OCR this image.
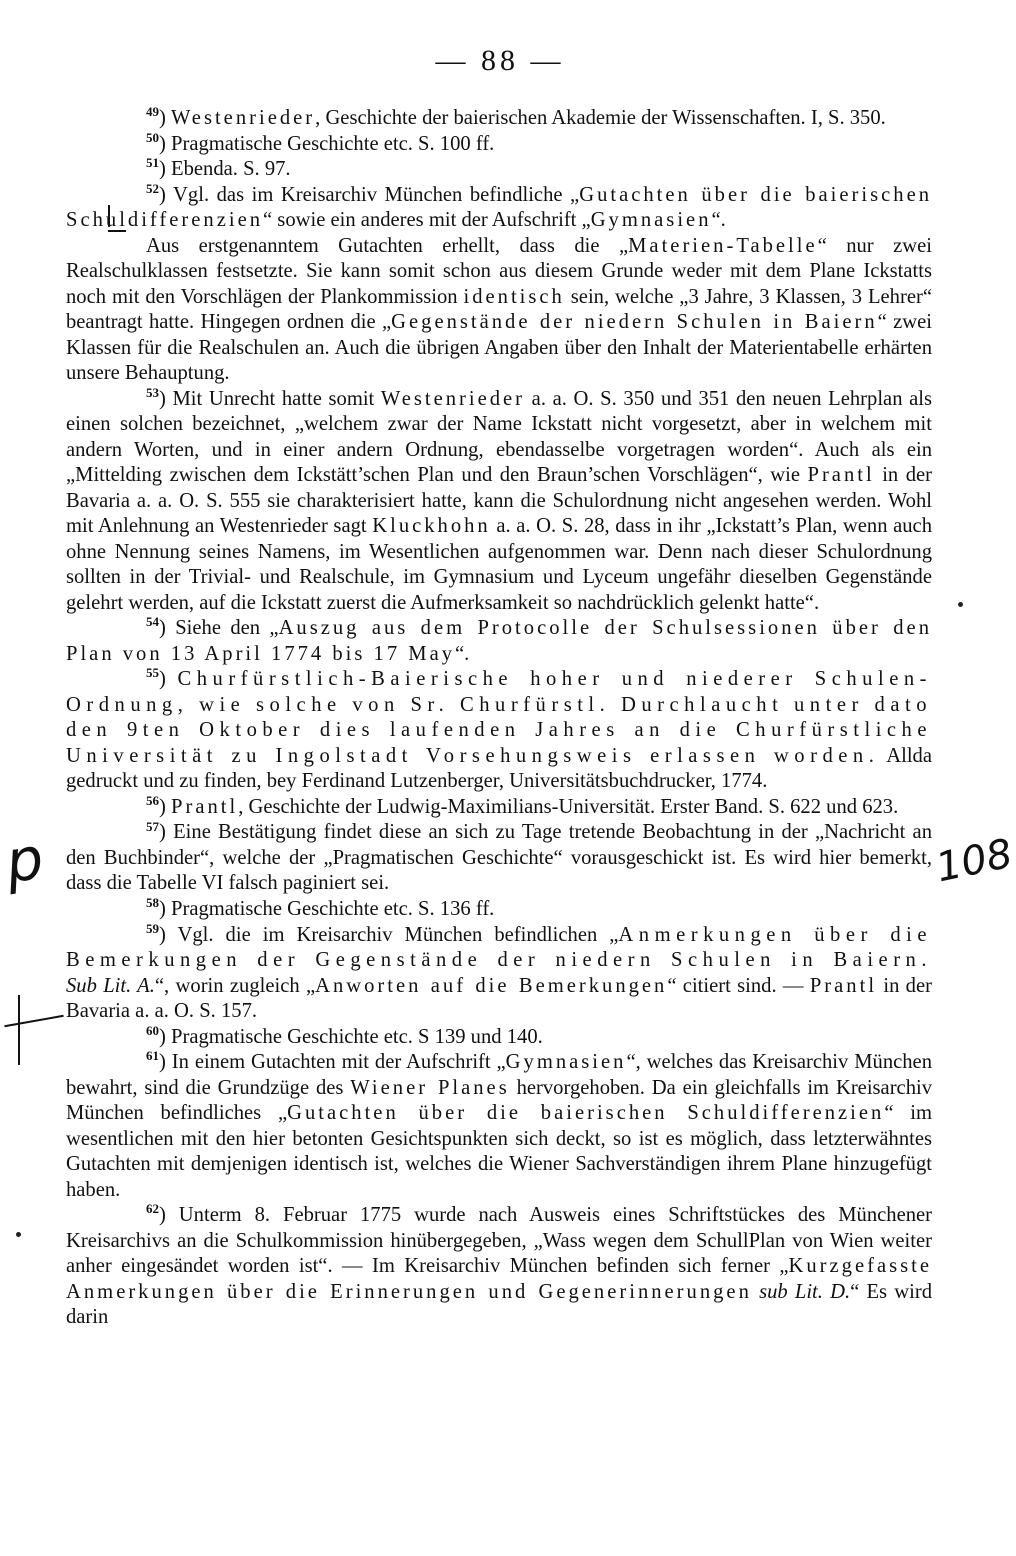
— 88 —
p	108
$^{49}$) Westenrieder, Geschichte der baierischen Akademie der Wissenschaften. I, S. 350.
$^{50}$) Pragmatische Geschichte etc. S. 100 ff.
$^{51}$) Ebenda. S. 97.
$^{52}$) Vgl. das im Kreisarchiv München befindliche „Gutachten über die baierischen Schuldifferenzien“ sowie ein anderes mit der Aufschrift „Gymnasien“.
Aus erstgenanntem Gutachten erhellt, dass die „Materien-Tabelle“ nur zwei Realschulklassen festsetzte. Sie kann somit schon aus diesem Grunde weder mit dem Plane Ickstatts noch mit den Vorschlägen der Plankommission identisch sein, welche „3 Jahre, 3 Klassen, 3 Lehrer“ beantragt hatte. Hingegen ordnen die „Gegenstände der niedern Schulen in Baiern“ zwei Klassen für die Realschulen an. Auch die übrigen Angaben über den Inhalt der Materientabelle erhärten unsere Behauptung.
$^{53}$) Mit Unrecht hatte somit Westenrieder a. a. O. S. 350 und 351 den neuen Lehrplan als einen solchen bezeichnet, „welchem zwar der Name Ickstatt nicht vorgesetzt, aber in welchem mit andern Worten, und in einer andern Ordnung, ebendasselbe vorgetragen worden“. Auch als ein „Mittelding zwischen dem Ickstätt’schen Plan und den Braun’schen Vorschlägen“, wie Prantl in der Bavaria a. a. O. S. 555 sie charakterisiert hatte, kann die Schulordnung nicht angesehen werden. Wohl mit Anlehnung an Westenrieder sagt Kluckhohn a. a. O. S. 28, dass in ihr „Ickstatt’s Plan, wenn auch ohne Nennung seines Namens, im Wesentlichen aufgenommen war. Denn nach dieser Schulordnung sollten in der Trivial- und Realschule, im Gymnasium und Lyceum ungefähr dieselben Gegenstände gelehrt werden, auf die Ickstatt zuerst die Aufmerksamkeit so nachdrücklich gelenkt hatte“.
$^{54}$) Siehe den „Auszug aus dem Protocolle der Schulsessionen über den Plan von 13 April 1774 bis 17 May“.
$^{55}$) Churfürstlich-Baierische hoher und niederer Schulen-Ordnung, wie solche von Sr. Churfürstl. Durchlaucht unter dato den 9ten Oktober dies laufenden Jahres an die Churfürstliche Universität zu Ingolstadt Vorsehungsweis erlassen worden. Allda gedruckt und zu finden, bey Ferdinand Lutzenberger, Universitätsbuchdrucker, 1774.
$^{56}$) Prantl, Geschichte der Ludwig-Maximilians-Universität. Erster Band. S. 622 und 623.
$^{57}$) Eine Bestätigung findet diese an sich zu Tage tretende Beobachtung in der „Nachricht an den Buchbinder“, welche der „Pragmatischen Geschichte“ vorausgeschickt ist. Es wird hier bemerkt, dass die Tabelle VI falsch paginiert sei.
$^{58}$) Pragmatische Geschichte etc. S. 136 ff.
$^{59}$) Vgl. die im Kreisarchiv München befindlichen „Anmerkungen über die Bemerkungen der Gegenstände der niedern Schulen in Baiern. Sub Lit. A.“, worin zugleich „Anworten auf die Bemerkungen“ citiert sind. — Prantl in der Bavaria a. a. O. S. 157.
$^{60}$) Pragmatische Geschichte etc. S 139 und 140.
$^{61}$) In einem Gutachten mit der Aufschrift „Gymnasien“, welches das Kreisarchiv München bewahrt, sind die Grundzüge des Wiener Planes hervorgehoben. Da ein gleichfalls im Kreisarchiv München befindliches „Gutachten über die baierischen Schuldifferenzien“ im wesentlichen mit den hier betonten Gesichtspunkten sich deckt, so ist es möglich, dass letzterwähntes Gutachten mit demjenigen identisch ist, welches die Wiener Sachverständigen ihrem Plane hinzugefügt haben.
$^{62}$) Unterm 8. Februar 1775 wurde nach Ausweis eines Schriftstückes des Münchener Kreisarchivs an die Schulkommission hinübergegeben, „Wass wegen dem SchullPlan von Wien weiter anher eingesändet worden ist“. — Im Kreisarchiv München befinden sich ferner „Kurzgefasste Anmerkungen über die Erinnerungen und Gegenerinnerungen sub Lit. D.“ Es wird darin
